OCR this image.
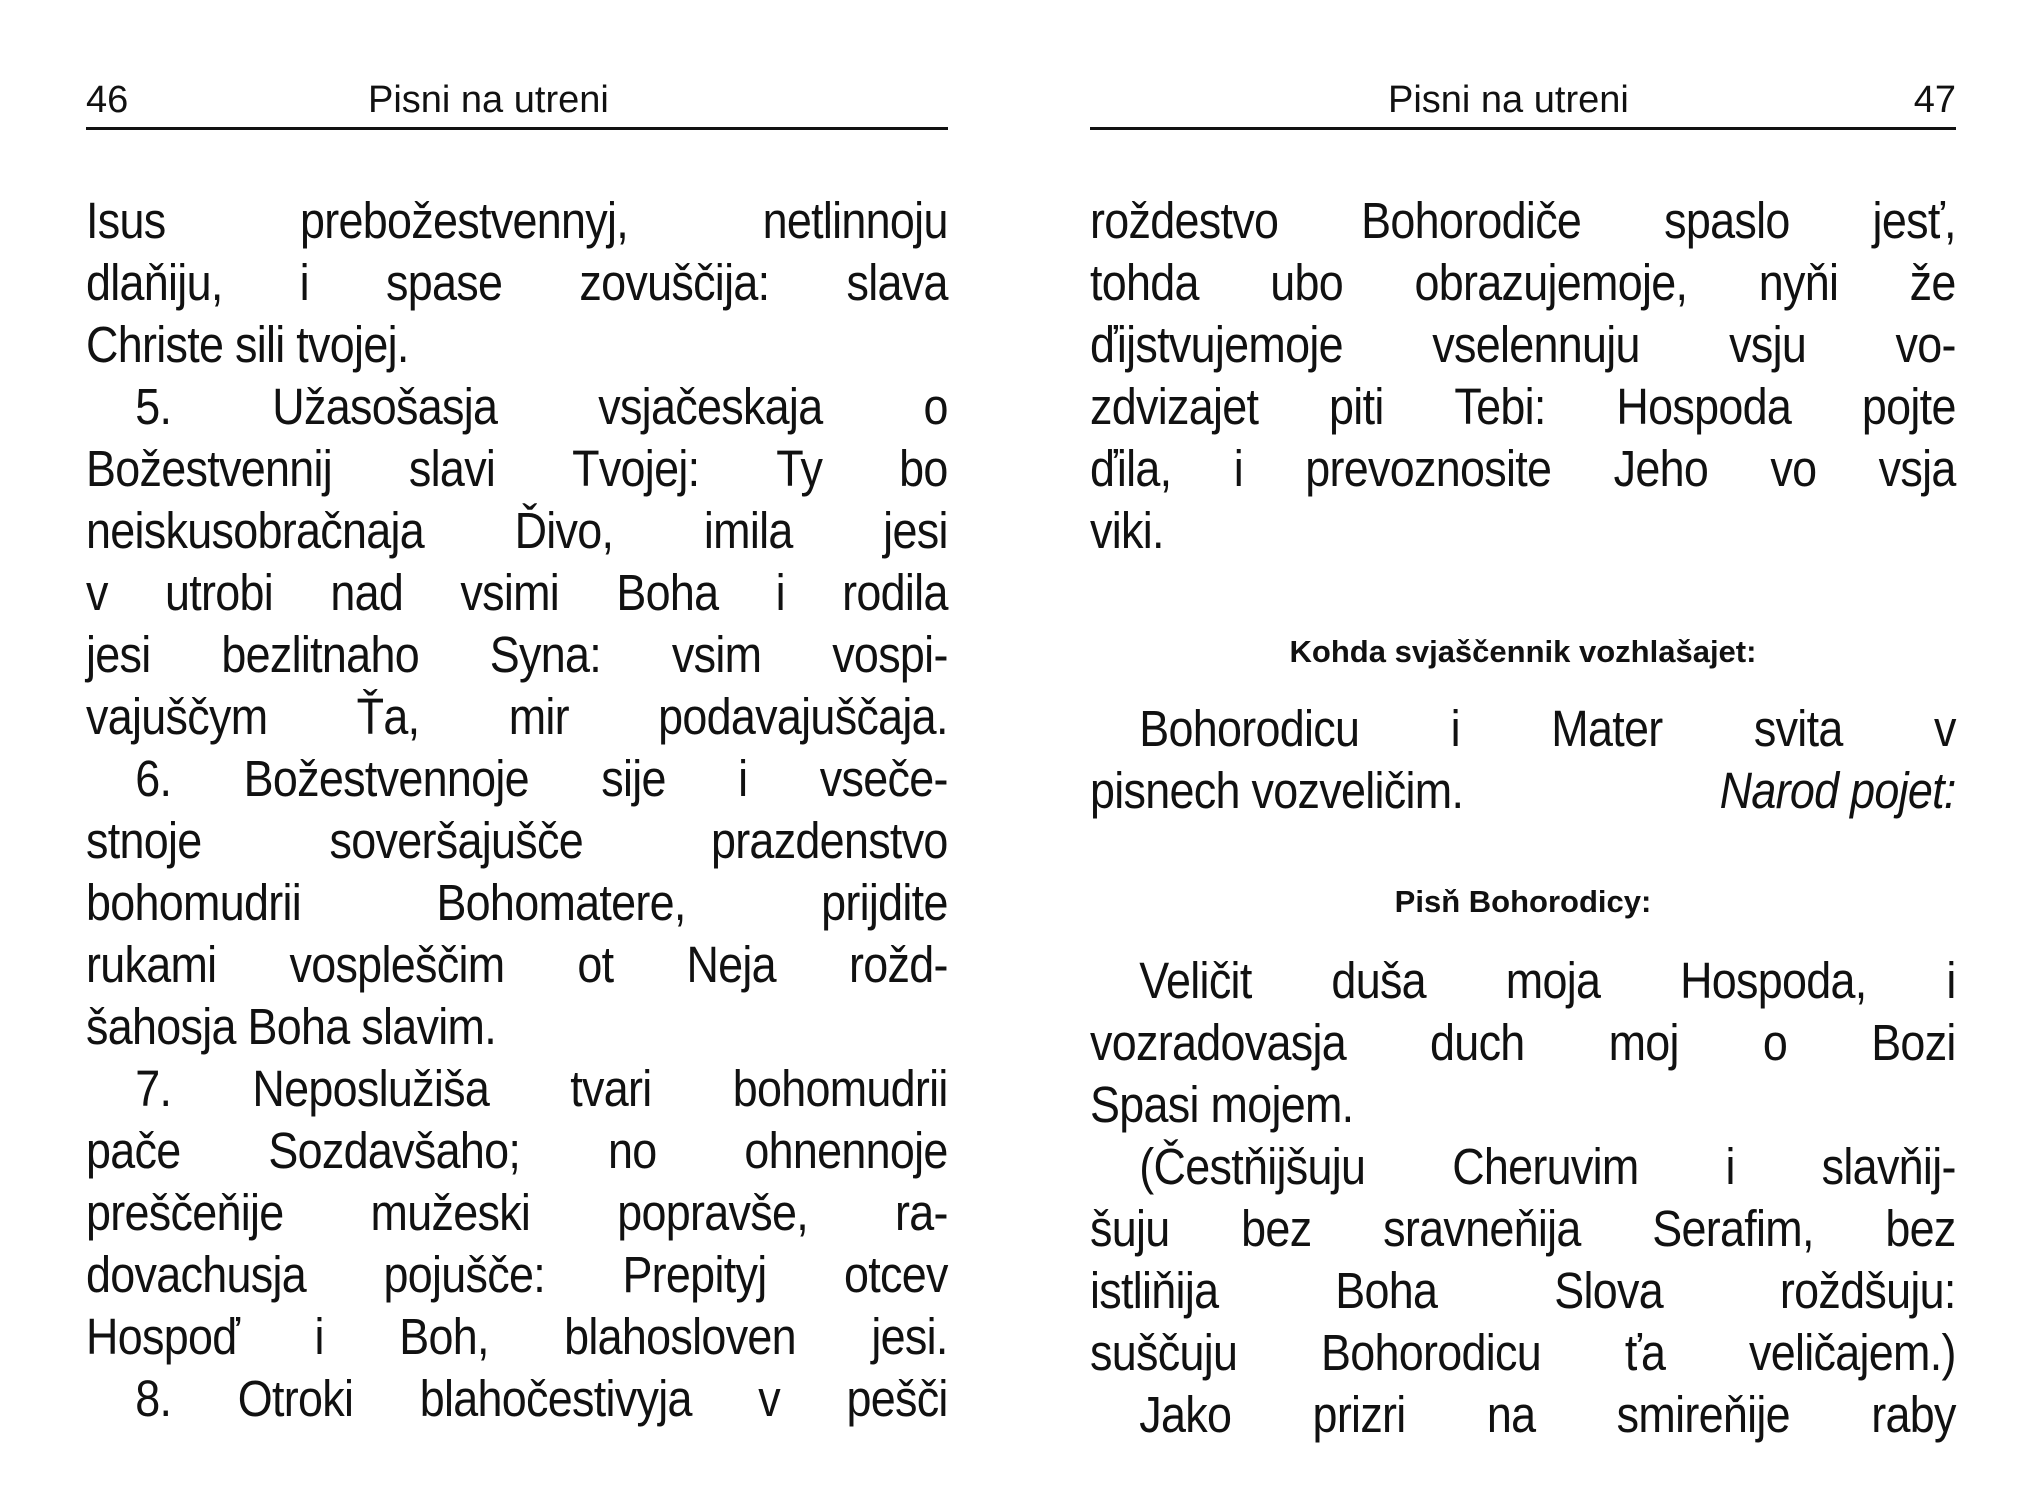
46	Pisni na utreni
Isus	prebožestvennyj,	netlinnoju
dlaňiju, i spase zovuščija: slava
Christe sili tvojej.
5. Užasošasja vsjačeskaja o
Božestvennij slavi Tvojej: Ty bo
neiskusobračnaja Ďivo, imila jesi
v utrobi nad vsimi Boha i rodila
jesi bezlitnaho Syna: vsim vospi-
vajuščym Ťa, mir podavajuščaja.
6. Božestvennoje sije i vseče-
stnoje	soveršajušče	prazdenstvo
bohomudrii	Bohomatere,	prijdite
rukami vospleščim ot Neja rožd-
šahosja Boha slavim.
7. Neposlužiša tvari bohomudrii
pače Sozdavšaho; no ohnennoje
preščeňije mužeski popravše, ra-
dovachusja pojušče: Prepityj otcev
Hospoď i Boh, blahosloven jesi.
8. Otroki blahočestivyja v pešči
Pisni na utreni	47
roždestvo Bohorodiče spaslo jesť,
tohda ubo obrazujemoje, nyňi že
ďijstvujemoje vselennuju vsju vo-
zdvizajet piti Tebi: Hospoda pojte
ďila, i prevoznosite Jeho vo vsja
viki.
Kohda svjaščennik vozhlašajet:
Bohorodicu i Mater svita v
pisnech vozveličim.	Narod pojet:
Pisň Bohorodicy:
Veličit duša moja Hospoda, i
vozradovasja duch moj o Bozi
Spasi mojem.
(Čestňijšuju Cheruvim i slavňij-
šuju bez sravneňija Serafim, bez
istliňija Boha Slova roždšuju:
suščuju Bohorodicu ťa veličajem.)
Jako prizri na smireňije raby
